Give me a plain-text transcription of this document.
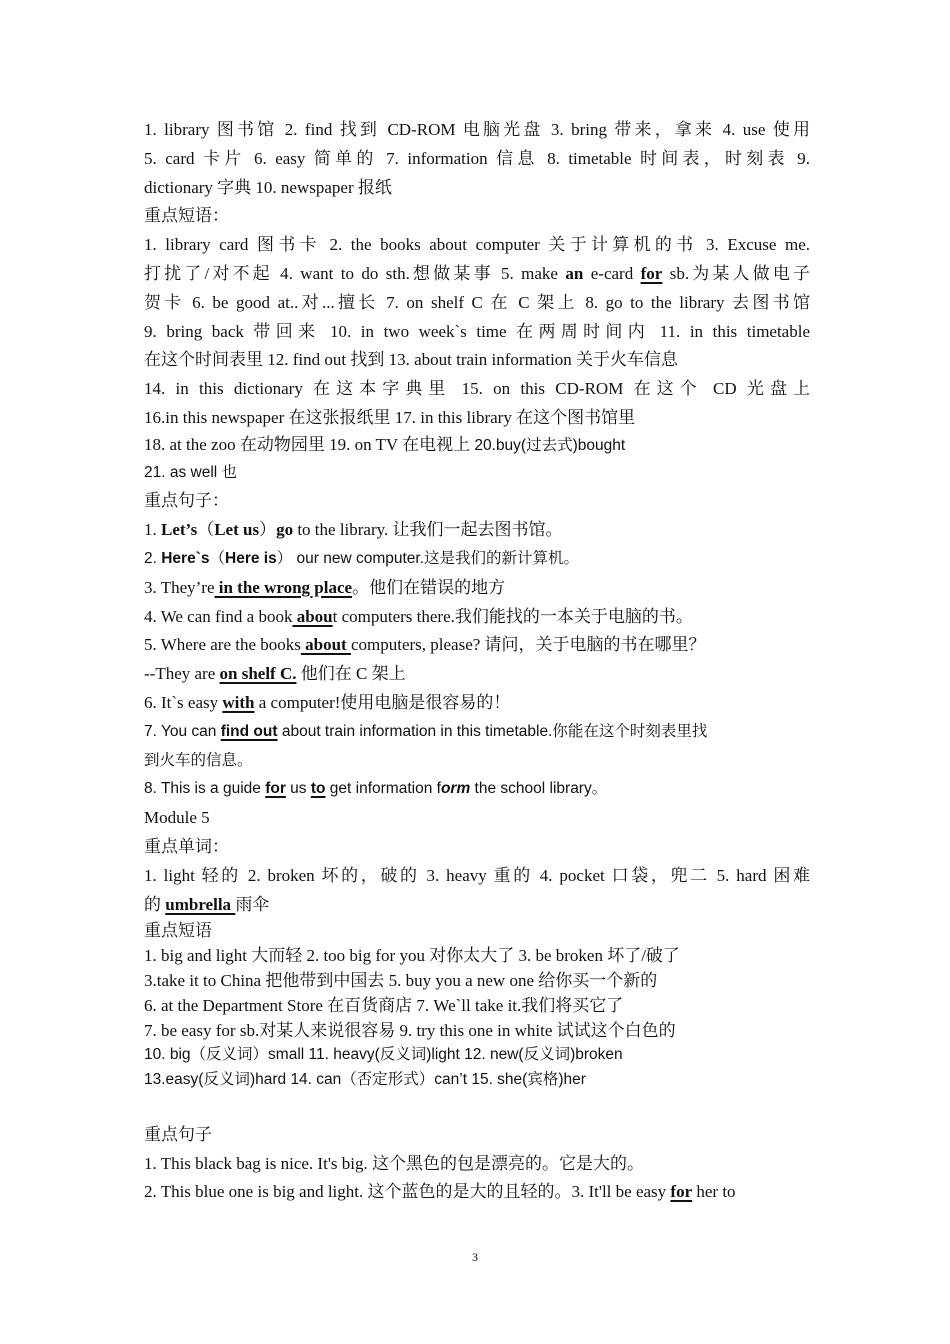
1. library 图书馆 2. find 找到 CD-ROM 电脑光盘 3. bring 带来，拿来 4. use 使用

5. card 卡片 6. easy 简单的 7. information 信息 8. timetable 时间表，时刻表 9.

dictionary 字典 10. newspaper 报纸

重点短语：

1. library card 图书卡 2. the books about computer 关于计算机的书 3. Excuse me.

打扰了/对不起 4. want to do sth.想做某事 5. make an e-card for sb.为某人做电子

贺卡 6. be good at..对...擅长 7. on shelf C 在 C 架上 8. go to the library 去图书馆

9. bring back 带回来 10. in two week`s time 在两周时间内 11. in this timetable

在这个时间表里 12. find out 找到 13. about train information 关于火车信息

14. in this dictionary 在这本字典里 15. on this CD-ROM 在这个 CD 光盘上

16.in this newspaper 在这张报纸里 17. in this library 在这个图书馆里

18. at the zoo 在动物园里 19. on TV 在电视上 20.buy(过去式)bought

21. as well 也

重点句子：

1. Let’s（Let us）go to the library. 让我们一起去图书馆。

2. Here`s（Here is） our new computer.这是我们的新计算机。

3. They’re in the wrong place。他们在错误的地方

4. We can find a book about computers there.我们能找的一本关于电脑的书。

5. Where are the books about computers, please? 请问，关于电脑的书在哪里？

--They are on shelf C. 他们在 C 架上

6. It`s easy with a computer!使用电脑是很容易的！

7. You can find out about train information in this timetable.你能在这个时刻表里找

到火车的信息。

8. This is a guide for us to get information form the school library。

Module 5

重点单词：

1. light 轻的 2. broken 坏的，破的 3. heavy 重的 4. pocket 口袋，兜二 5. hard 困难

的 umbrella 雨伞

重点短语

1. big and light 大而轻 2. too big for you 对你太大了 3. be broken 坏了/破了

3.take it to China 把他带到中国去 5. buy you a new one 给你买一个新的

6. at the Department Store 在百货商店 7. We`ll take it.我们将买它了

7. be easy for sb.对某人来说很容易 9. try this one in white 试试这个白色的

10. big（反义词）small 11. heavy(反义词)light 12. new(反义词)broken

13.easy(反义词)hard 14. can（否定形式）can’t 15. she(宾格)her

重点句子

1. This black bag is nice. It's big. 这个黑色的包是漂亮的。它是大的。

2. This blue one is big and light. 这个蓝色的是大的且轻的。3. It'll be easy for her to

3
